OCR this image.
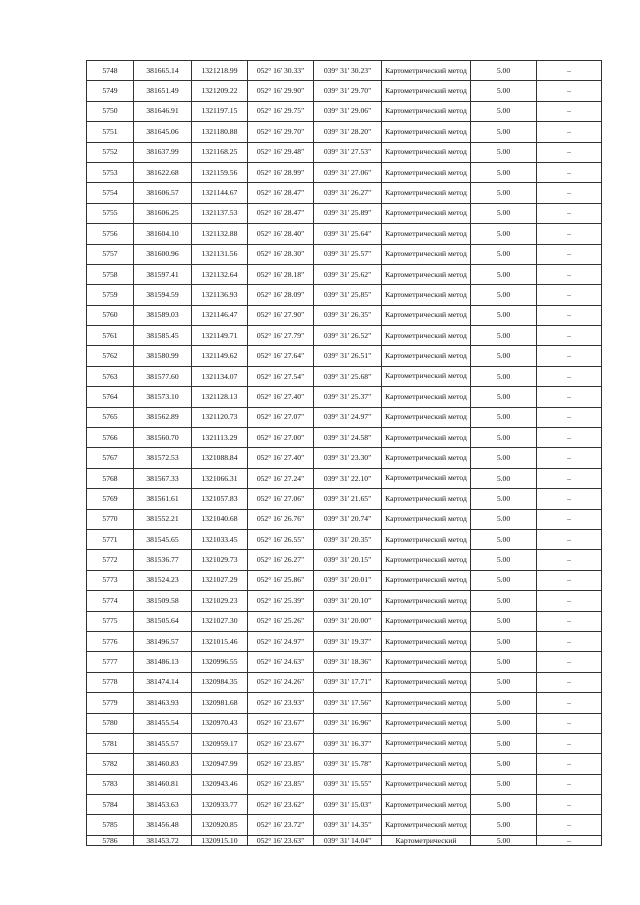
5748	381665.14	1321218.99	052° 16' 30.33"	039° 31' 30.23"	Картометрический метод	5.00	–
5749	381651.49	1321209.22	052° 16' 29.90"	039° 31' 29.70"	Картометрический метод	5.00	–
5750	381646.91	1321197.15	052° 16' 29.75"	039° 31' 29.06"	Картометрический метод	5.00	–
5751	381645.06	1321180.88	052° 16' 29.70"	039° 31' 28.20"	Картометрический метод	5.00	–
5752	381637.99	1321168.25	052° 16' 29.48"	039° 31' 27.53"	Картометрический метод	5.00	–
5753	381622.68	1321159.56	052° 16' 28.99"	039° 31' 27.06"	Картометрический метод	5.00	–
5754	381606.57	1321144.67	052° 16' 28.47"	039° 31' 26.27"	Картометрический метод	5.00	–
5755	381606.25	1321137.53	052° 16' 28.47"	039° 31' 25.89"	Картометрический метод	5.00	–
5756	381604.10	1321132.88	052° 16' 28.40"	039° 31' 25.64"	Картометрический метод	5.00	–
5757	381600.96	1321131.56	052° 16' 28.30"	039° 31' 25.57"	Картометрический метод	5.00	–
5758	381597.41	1321132.64	052° 16' 28.18"	039° 31' 25.62"	Картометрический метод	5.00	–
5759	381594.59	1321136.93	052° 16' 28.09"	039° 31' 25.85"	Картометрический метод	5.00	–
5760	381589.03	1321146.47	052° 16' 27.90"	039° 31' 26.35"	Картометрический метод	5.00	–
5761	381585.45	1321149.71	052° 16' 27.79"	039° 31' 26.52"	Картометрический метод	5.00	–
5762	381580.99	1321149.62	052° 16' 27.64"	039° 31' 26.51"	Картометрический метод	5.00	–
5763	381577.60	1321134.07	052° 16' 27.54"	039° 31' 25.68"	Картометрический метод	5.00	–
5764	381573.10	1321128.13	052° 16' 27.40"	039° 31' 25.37"	Картометрический метод	5.00	–
5765	381562.89	1321120.73	052° 16' 27.07"	039° 31' 24.97"	Картометрический метод	5.00	–
5766	381560.70	1321113.29	052° 16' 27.00"	039° 31' 24.58"	Картометрический метод	5.00	–
5767	381572.53	1321088.84	052° 16' 27.40"	039° 31' 23.30"	Картометрический метод	5.00	–
5768	381567.33	1321066.31	052° 16' 27.24"	039° 31' 22.10"	Картометрический метод	5.00	–
5769	381561.61	1321057.83	052° 16' 27.06"	039° 31' 21.65"	Картометрический метод	5.00	–
5770	381552.21	1321040.68	052° 16' 26.76"	039° 31' 20.74"	Картометрический метод	5.00	–
5771	381545.65	1321033.45	052° 16' 26.55"	039° 31' 20.35"	Картометрический метод	5.00	–
5772	381536.77	1321029.73	052° 16' 26.27"	039° 31' 20.15"	Картометрический метод	5.00	–
5773	381524.23	1321027.29	052° 16' 25.86"	039° 31' 20.01"	Картометрический метод	5.00	–
5774	381509.58	1321029.23	052° 16' 25.39"	039° 31' 20.10"	Картометрический метод	5.00	–
5775	381505.64	1321027.30	052° 16' 25.26"	039° 31' 20.00"	Картометрический метод	5.00	–
5776	381496.57	1321015.46	052° 16' 24.97"	039° 31' 19.37"	Картометрический метод	5.00	–
5777	381486.13	1320996.55	052° 16' 24.63"	039° 31' 18.36"	Картометрический метод	5.00	–
5778	381474.14	1320984.35	052° 16' 24.26"	039° 31' 17.71"	Картометрический метод	5.00	–
5779	381463.93	1320981.68	052° 16' 23.93"	039° 31' 17.56"	Картометрический метод	5.00	–
5780	381455.54	1320970.43	052° 16' 23.67"	039° 31' 16.96"	Картометрический метод	5.00	–
5781	381455.57	1320959.17	052° 16' 23.67"	039° 31' 16.37"	Картометрический метод	5.00	–
5782	381460.83	1320947.99	052° 16' 23.85"	039° 31' 15.78"	Картометрический метод	5.00	–
5783	381460.81	1320943.46	052° 16' 23.85"	039° 31' 15.55"	Картометрический метод	5.00	–
5784	381453.63	1320933.77	052° 16' 23.62"	039° 31' 15.03"	Картометрический метод	5.00	–
5785	381456.48	1320920.85	052° 16' 23.72"	039° 31' 14.35"	Картометрический метод	5.00	–
5786	381453.72	1320915.10	052° 16' 23.63"	039° 31' 14.04"	Картометрический	5.00	–
